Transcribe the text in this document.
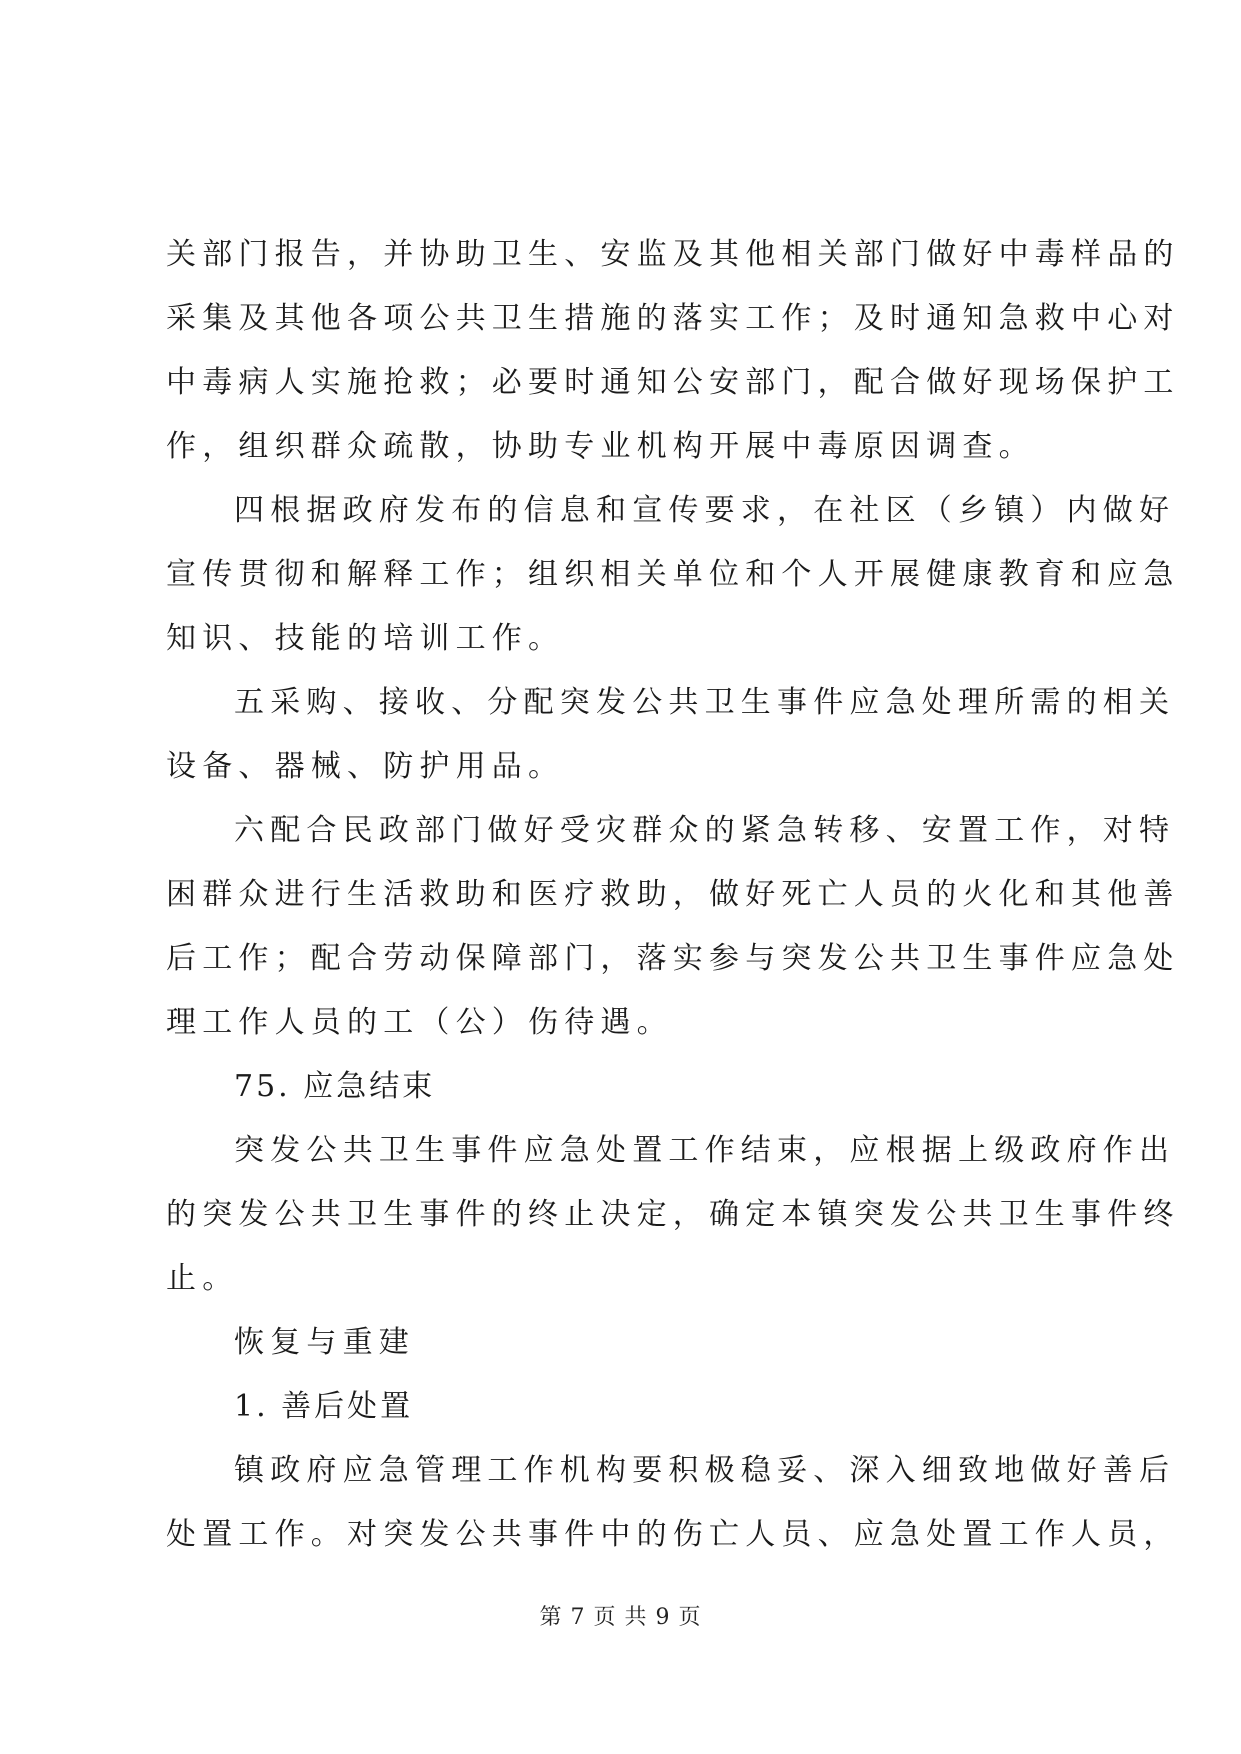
关部门报告，并协助卫生、安监及其他相关部门做好中毒样品的
采集及其他各项公共卫生措施的落实工作；及时通知急救中心对
中毒病人实施抢救；必要时通知公安部门，配合做好现场保护工
作，组织群众疏散，协助专业机构开展中毒原因调查。
四根据政府发布的信息和宣传要求，在社区（乡镇）内做好
宣传贯彻和解释工作；组织相关单位和个人开展健康教育和应急
知识、技能的培训工作。
五采购、接收、分配突发公共卫生事件应急处理所需的相关
设备、器械、防护用品。
六配合民政部门做好受灾群众的紧急转移、安置工作，对特
困群众进行生活救助和医疗救助，做好死亡人员的火化和其他善
后工作；配合劳动保障部门，落实参与突发公共卫生事件应急处
理工作人员的工（公）伤待遇。
75. 应急结束
突发公共卫生事件应急处置工作结束，应根据上级政府作出
的突发公共卫生事件的终止决定，确定本镇突发公共卫生事件终
止。
恢复与重建
1. 善后处置
镇政府应急管理工作机构要积极稳妥、深入细致地做好善后
处置工作。对突发公共事件中的伤亡人员、应急处置工作人员，
第 7 页 共 9 页
